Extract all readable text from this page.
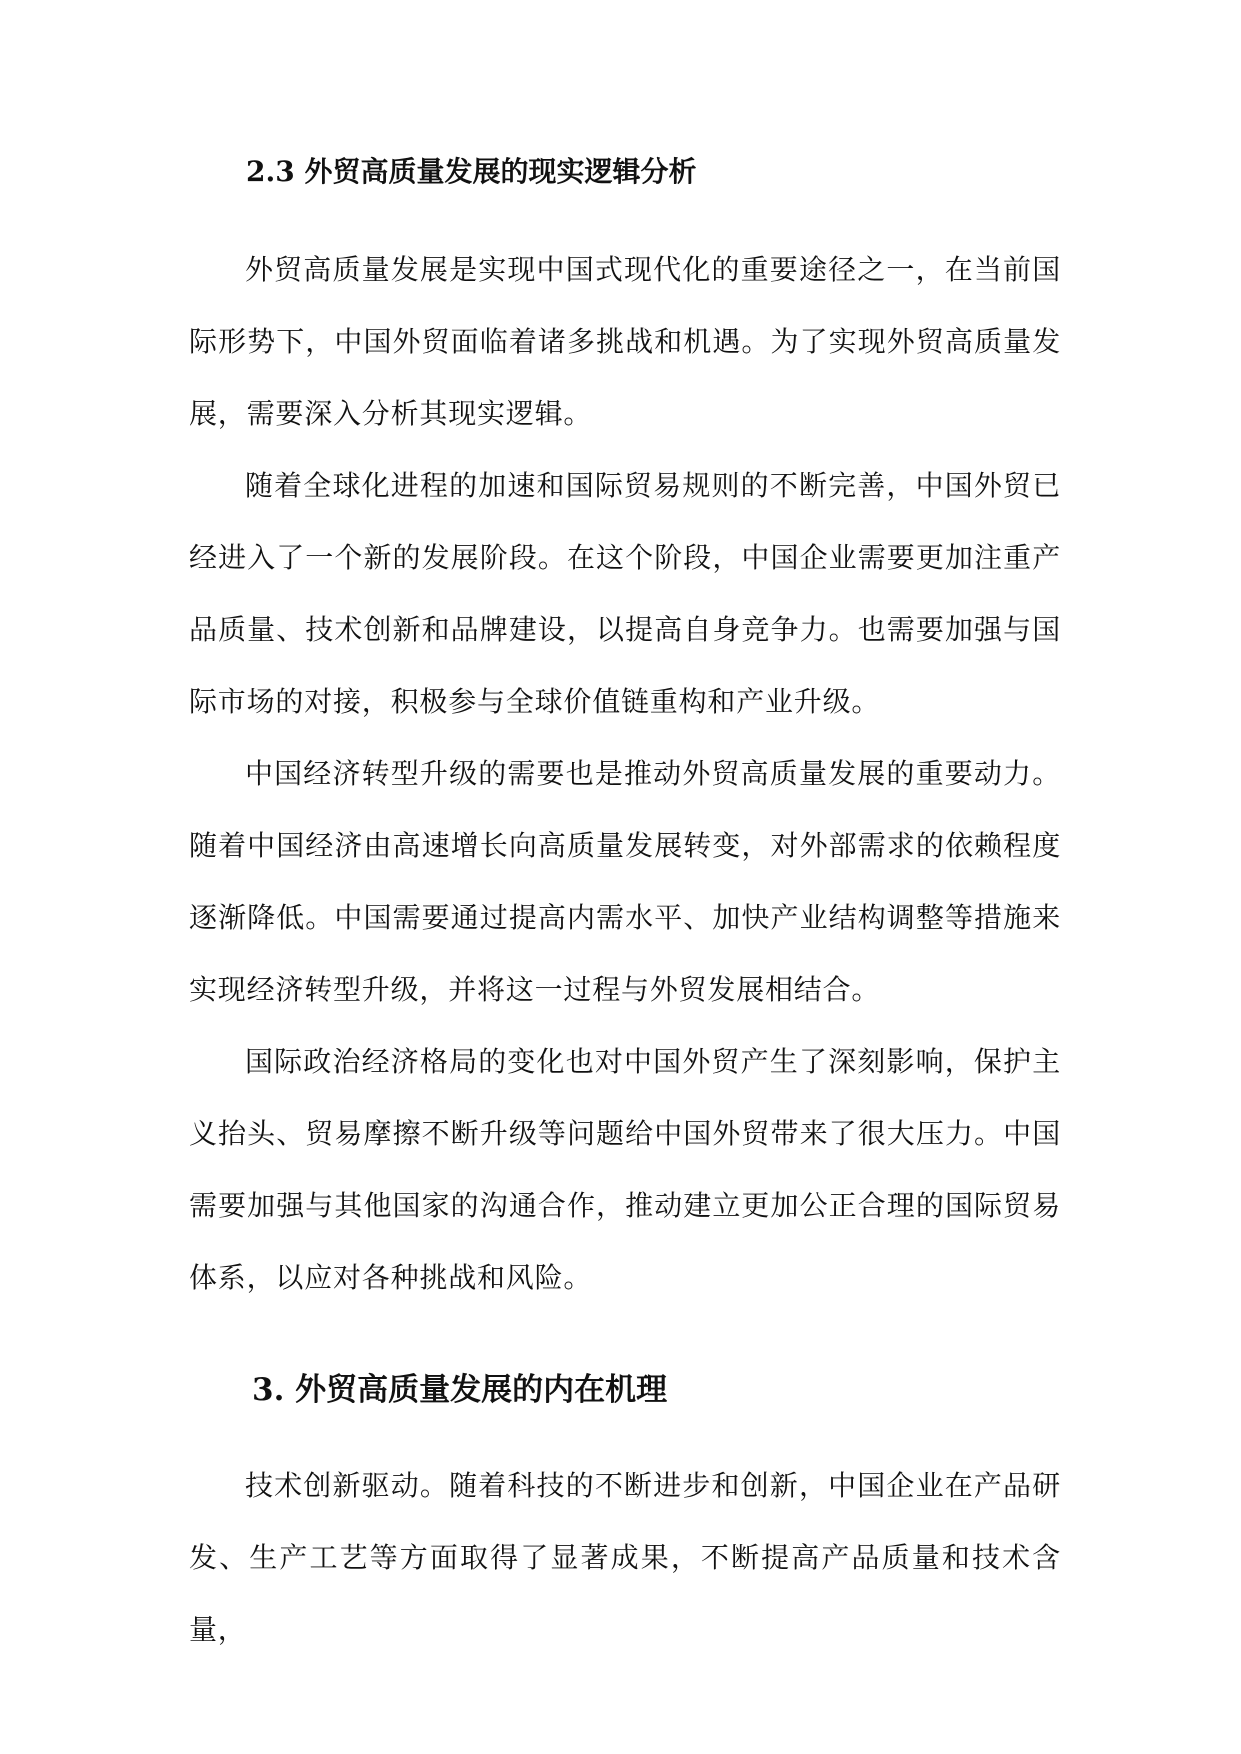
2.3 外贸高质量发展的现实逻辑分析

外贸高质量发展是实现中国式现代化的重要途径之一，在当前国际形势下，中国外贸面临着诸多挑战和机遇。为了实现外贸高质量发展，需要深入分析其现实逻辑。

随着全球化进程的加速和国际贸易规则的不断完善，中国外贸已经进入了一个新的发展阶段。在这个阶段，中国企业需要更加注重产品质量、技术创新和品牌建设，以提高自身竞争力。也需要加强与国际市场的对接，积极参与全球价值链重构和产业升级。

中国经济转型升级的需要也是推动外贸高质量发展的重要动力。随着中国经济由高速增长向高质量发展转变，对外部需求的依赖程度逐渐降低。中国需要通过提高内需水平、加快产业结构调整等措施来实现经济转型升级，并将这一过程与外贸发展相结合。

国际政治经济格局的变化也对中国外贸产生了深刻影响，保护主义抬头、贸易摩擦不断升级等问题给中国外贸带来了很大压力。中国需要加强与其他国家的沟通合作，推动建立更加公正合理的国际贸易体系，以应对各种挑战和风险。

3. 外贸高质量发展的内在机理

技术创新驱动。随着科技的不断进步和创新，中国企业在产品研发、生产工艺等方面取得了显著成果，不断提高产品质量和技术含量，
